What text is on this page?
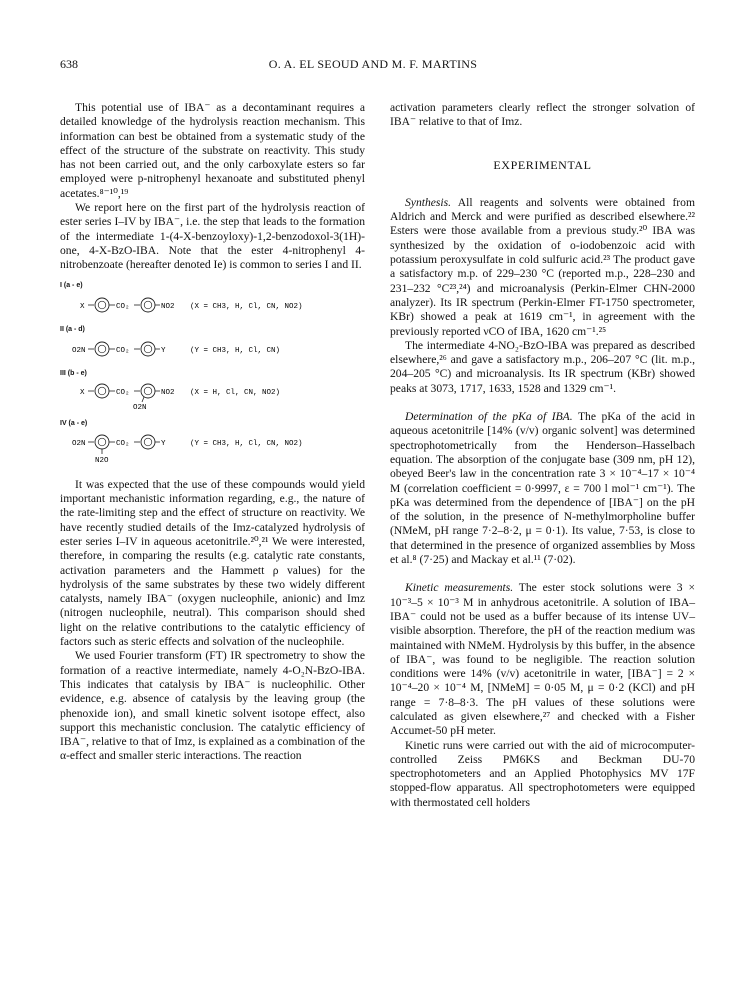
638	O. A. EL SEOUD AND M. F. MARTINS

This potential use of IBA⁻ as a decontaminant requires a detailed knowledge of the hydrolysis reaction mechanism. This information can best be obtained from a systematic study of the effect of the structure of the substrate on reactivity. This study has not been carried out, and the only carboxylate esters so far employed were p-nitrophenyl hexanoate and substituted phenyl acetates.⁸⁻¹⁰,¹⁹

We report here on the first part of the hydrolysis reaction of ester series I–IV by IBA⁻, i.e. the step that leads to the formation of the intermediate 1-(4-X-benzoyloxy)-1,2-benzodoxol-3(1H)-one, 4-X-BzO-IBA. Note that the ester 4-nitrophenyl 4-nitrobenzoate (hereafter denoted Ie) is common to series I and II.

I (a - e)
X	CO₂	NO2 (X = CH3, H, Cl, CN, NO2)
II (a - d)
O2N	CO₂	Y	(Y = CH3, H, Cl, CN)
III (b - e)
X	CO₂	NO2
O2N
(X = H, Cl, CN, NO2)
IV (a - e)
O2N
N2O
CO₂	Y	(Y = CH3, H, Cl, CN, NO2)

It was expected that the use of these compounds would yield important mechanistic information regarding, e.g., the nature of the rate-limiting step and the effect of structure on reactivity. We have recently studied details of the Imz-catalyzed hydrolysis of ester series I–IV in aqueous acetonitrile.²⁰,²¹ We were interested, therefore, in comparing the results (e.g. catalytic rate constants, activation parameters and the Hammett ρ values) for the hydrolysis of the same substrates by these two widely different catalysts, namely IBA⁻ (oxygen nucleophile, anionic) and Imz (nitrogen nucleophile, neutral). This comparison should shed light on the relative contributions to the catalytic efficiency of factors such as steric effects and solvation of the nucleophile.

We used Fourier transform (FT) IR spectrometry to show the formation of a reactive intermediate, namely 4-O₂N-BzO-IBA. This indicates that catalysis by IBA⁻ is nucleophilic. Other evidence, e.g. absence of catalysis by the leaving group (the phenoxide ion), and small kinetic solvent isotope effect, also support this mechanistic conclusion. The catalytic efficiency of IBA⁻, relative to that of Imz, is explained as a combination of the α-effect and smaller steric interactions. The reaction

activation parameters clearly reflect the stronger solvation of IBA⁻ relative to that of Imz.

EXPERIMENTAL

Synthesis. All reagents and solvents were obtained from Aldrich and Merck and were purified as described elsewhere.²² Esters were those available from a previous study.²⁰ IBA was synthesized by the oxidation of o-iodobenzoic acid with potassium peroxysulfate in cold sulfuric acid.²³ The product gave a satisfactory m.p. of 229–230 °C (reported m.p., 228–230 and 231–232 °C²³,²⁴) and microanalysis (Perkin-Elmer CHN-2000 analyzer). Its IR spectrum (Perkin-Elmer FT-1750 spectrometer, KBr) showed a peak at 1619 cm⁻¹, in agreement with the previously reported νCO of IBA, 1620 cm⁻¹.²⁵

The intermediate 4-NO₂-BzO-IBA was prepared as described elsewhere,²⁶ and gave a satisfactory m.p., 206–207 °C (lit. m.p., 204–205 °C) and microanalysis. Its IR spectrum (KBr) showed peaks at 3073, 1717, 1633, 1528 and 1329 cm⁻¹.

Determination of the pKa of IBA. The pKa of the acid in aqueous acetonitrile [14% (v/v) organic solvent] was determined spectrophotometrically from the Henderson–Hasselbach equation. The absorption of the conjugate base (309 nm, pH 12), obeyed Beer's law in the concentration rate 3 × 10⁻⁴–17 × 10⁻⁴ M (correlation coefficient = 0·9997, ε = 700 l mol⁻¹ cm⁻¹). The pKa was determined from the dependence of [IBA⁻] on the pH of the solution, in the presence of N-methylmorpholine buffer (NMeM, pH range 7·2–8·2, μ = 0·1). Its value, 7·53, is close to that determined in the presence of organized assemblies by Moss et al.⁸ (7·25) and Mackay et al.¹¹ (7·02).

Kinetic measurements. The ester stock solutions were 3 × 10⁻³–5 × 10⁻³ M in anhydrous acetonitrile. A solution of IBA–IBA⁻ could not be used as a buffer because of its intense UV–visible absorption. Therefore, the pH of the reaction medium was maintained with NMeM. Hydrolysis by this buffer, in the absence of IBA⁻, was found to be negligible. The reaction solution conditions were 14% (v/v) acetonitrile in water, [IBA⁻] = 2 × 10⁻⁴–20 × 10⁻⁴ M, [NMeM] = 0·05 M, μ = 0·2 (KCl) and pH range = 7·8–8·3. The pH values of these solutions were calculated as given elsewhere,²⁷ and checked with a Fisher Accumet-50 pH meter.

Kinetic runs were carried out with the aid of microcomputer-controlled Zeiss PM6KS and Beckman DU-70 spectrophotometers and an Applied Photophysics MV 17F stopped-flow apparatus. All spectrophotometers were equipped with thermostated cell holders
